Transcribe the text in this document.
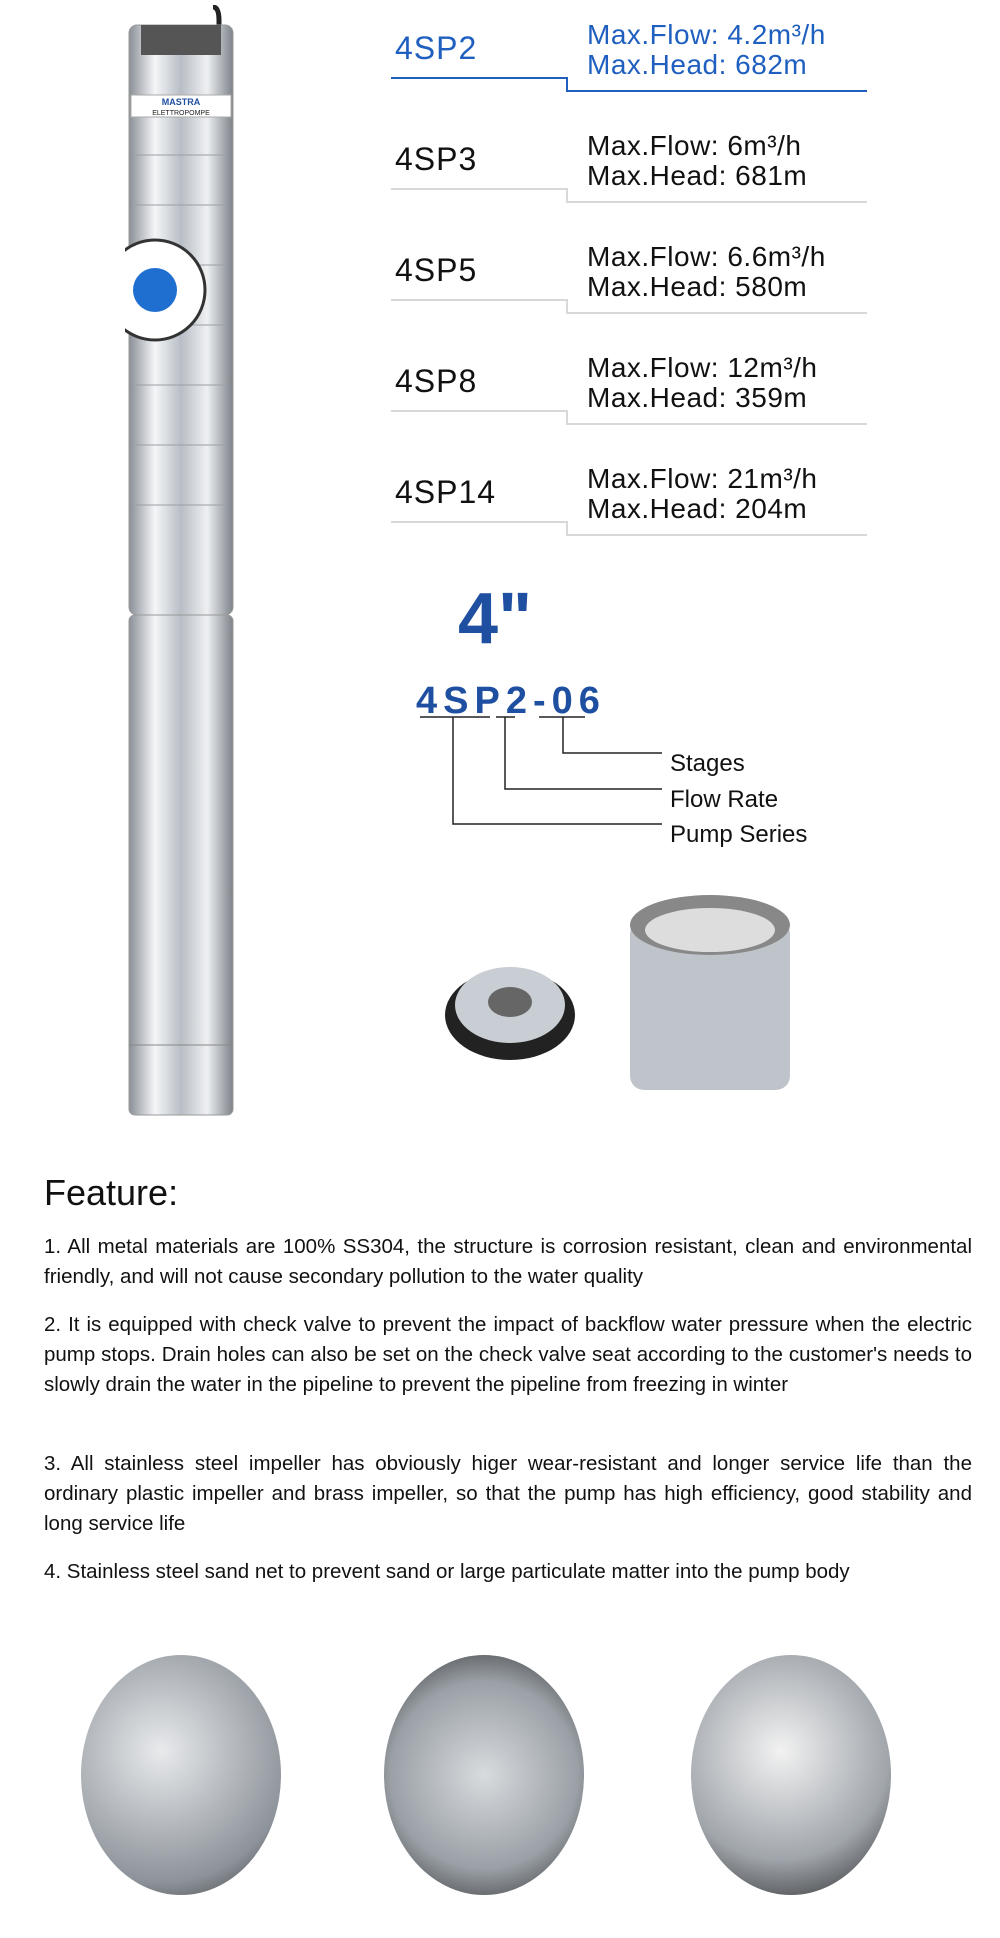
MASTRA
ELETTROPOMPE
4SP2	Max.Flow: 4.2m³/h
Max.Head: 682m
4SP3	Max.Flow: 6m³/h
Max.Head: 681m
4SP5	Max.Flow: 6.6m³/h
Max.Head: 580m
4SP8	Max.Flow: 12m³/h
Max.Head: 359m
4SP14	Max.Flow: 21m³/h
Max.Head: 204m
4"
4SP2-06
Stages
Flow Rate
Pump Series
Feature:
1. All metal materials are 100% SS304, the structure is corrosion resistant, clean and environmental friendly, and will not cause secondary pollution to the water quality
2. It is equipped with check valve to prevent the impact of backflow water pressure when the electric pump stops. Drain holes can also be set on the check valve seat according to the customer's needs to slowly drain the water in the pipeline to prevent the pipeline from freezing in winter
3. All stainless steel impeller has obviously higer wear-resistant and longer service life than the ordinary plastic impeller and brass impeller, so that the pump has high efficiency, good stability and long service life
4. Stainless steel sand net to prevent sand or large particulate matter into the pump body
